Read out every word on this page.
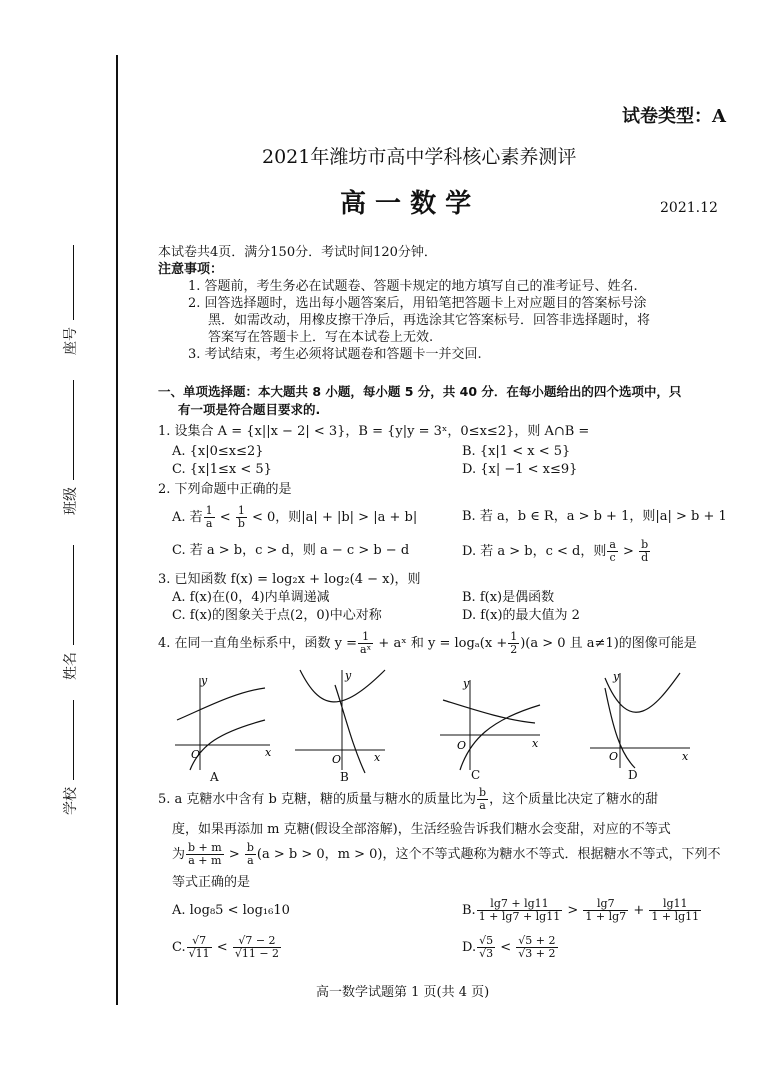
座号
班级
姓名
学校
试卷类型：A
2021年潍坊市高中学科核心素养测评
高 一 数 学	2021.12
本试卷共4页．满分150分．考试时间120分钟．
注意事项：
1. 答题前，考生务必在试题卷、答题卡规定的地方填写自己的准考证号、姓名.
2. 回答选择题时，选出每小题答案后，用铅笔把答题卡上对应题目的答案标号涂
黑．如需改动，用橡皮擦干净后，再选涂其它答案标号．回答非选择题时，将
答案写在答题卡上．写在本试卷上无效.
3. 考试结束，考生必须将试题卷和答题卡一并交回.
一、单项选择题：本大题共 8 小题，每小题 5 分，共 40 分．在每小题给出的四个选项中，只
有一项是符合题目要求的.
1. 设集合 A = {x||x − 2| < 3}，B = {y|y = 3ˣ，0≤x≤2}，则 A∩B =
A. {x|0≤x≤2}	B. {x|1 < x < 5}
C. {x|1≤x < 5}	D. {x| −1 < x≤9}
2. 下列命题中正确的是
A. 若 $\frac{1}{a} < \frac{1}{b} < 0$，则|a| + |b| > |a + b|	B. 若 a，b ∈ R，a > b + 1，则|a| > b + 1
C. 若 a > b，c > d，则 a − c > b − d	D. 若 a > b，c < d，则 $\frac{a}{c} > \frac{b}{d}$
3. 已知函数 f(x) = log₂x + log₂(4 − x)，则
A. f(x)在(0，4)内单调递减	B. f(x)是偶函数
C. f(x)的图象关于点(2，0)中心对称	D. f(x)的最大值为 2
4. 在同一直角坐标系中，函数 $y = \frac{1}{\text{aˣ}}$ + aˣ 和 $y = \log_a(x + \frac{1}{2} )(a > 0$ 且 a≠1)的图像可能是
y
x
O
A
y
x
O
B
y
x
O
C
y
x
O
D
5. a 克糖水中含有 b 克糖，糖的质量与糖水的质量比为 $\frac{b}{a}$ ，这个质量比决定了糖水的甜
度，如果再添加 m 克糖(假设全部溶解)，生活经验告诉我们糖水会变甜，对应的不等式
为 $\frac{b + m}{a + m} > \frac{b}{a} (a > b > 0$，m > 0)，这个不等式趣称为糖水不等式．根据糖水不等式，下列不
等式正确的是
A. log₈5 < log₁₆10	B. $\frac{\lg 7 + \lg 11}{1 + \lg 7 + \lg 11} > \frac{\lg 7}{1 + \lg 7} + \frac{\lg 11}{1 + \lg 11}$
C. $\frac{√7}{√11} < \frac{√7 - 2}{√11 - 2}$	D. $\frac{√5}{√3} < \frac{√5 + 2}{√3 + 2}$
高一数学试题第 1 页(共 4 页)
